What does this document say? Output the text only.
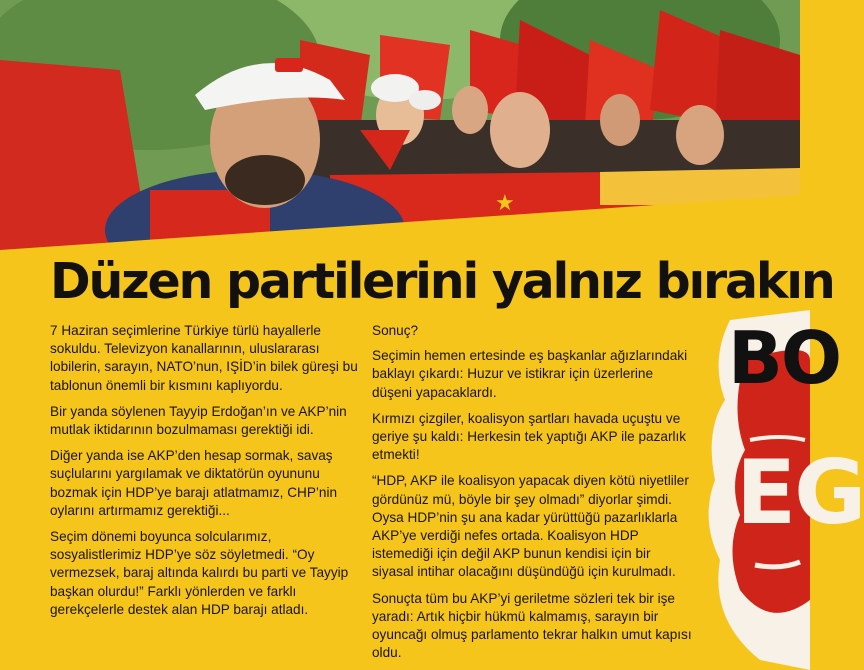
★
Düzen partilerini yalnız bırakın

7 Haziran seçimlerine Türkiye türlü hayallerle sokuldu. Televizyon kanallarının, uluslararası lobilerin, sarayın, NATO’nun, IŞİD’in bilek güreşi bu tablonun önemli bir kısmını kaplıyordu.

Bir yanda söylenen Tayyip Erdoğan’ın ve AKP’nin mutlak iktidarının bozulmaması gerektiği idi.

Diğer yanda ise AKP’den hesap sormak, savaş suçlularını yargılamak ve diktatörün oyununu bozmak için HDP’ye barajı atlatmamız, CHP’nin oylarını artırmamız gerektiği...

Seçim dönemi boyunca solcularımız, sosyalistlerimiz HDP’ye söz söyletmedi. “Oy vermezsek, baraj altında kalırdı bu parti ve Tayyip başkan olurdu!” Farklı yönlerden ve farklı gerekçelerle destek alan HDP barajı atladı.

Sonuç?

Seçimin hemen ertesinde eş başkanlar ağızlarındaki baklayı çıkardı: Huzur ve istikrar için üzerlerine düşeni yapacaklardı.

Kırmızı çizgiler, koalisyon şartları havada uçuştu ve geriye şu kaldı: Herkesin tek yaptığı AKP ile pazarlık etmekti!

“HDP, AKP ile koalisyon yapacak diyen kötü niyetliler gördünüz mü, böyle bir şey olmadı” diyorlar şimdi. Oysa HDP’nin şu ana kadar yürüttüğü pazarlıklarla AKP’ye verdiği nefes ortada. Koalisyon HDP istemediği için değil AKP bunun kendisi için bir siyasal intihar olacağını düşündüğü için kurulmadı.

Sonuçta tüm bu AKP’yi geriletme sözleri tek bir işe yaradı: Artık hiçbir hükmü kalmamış, sarayın bir oyuncağı olmuş parlamento tekrar halkın umut kapısı oldu.

BO
EG
